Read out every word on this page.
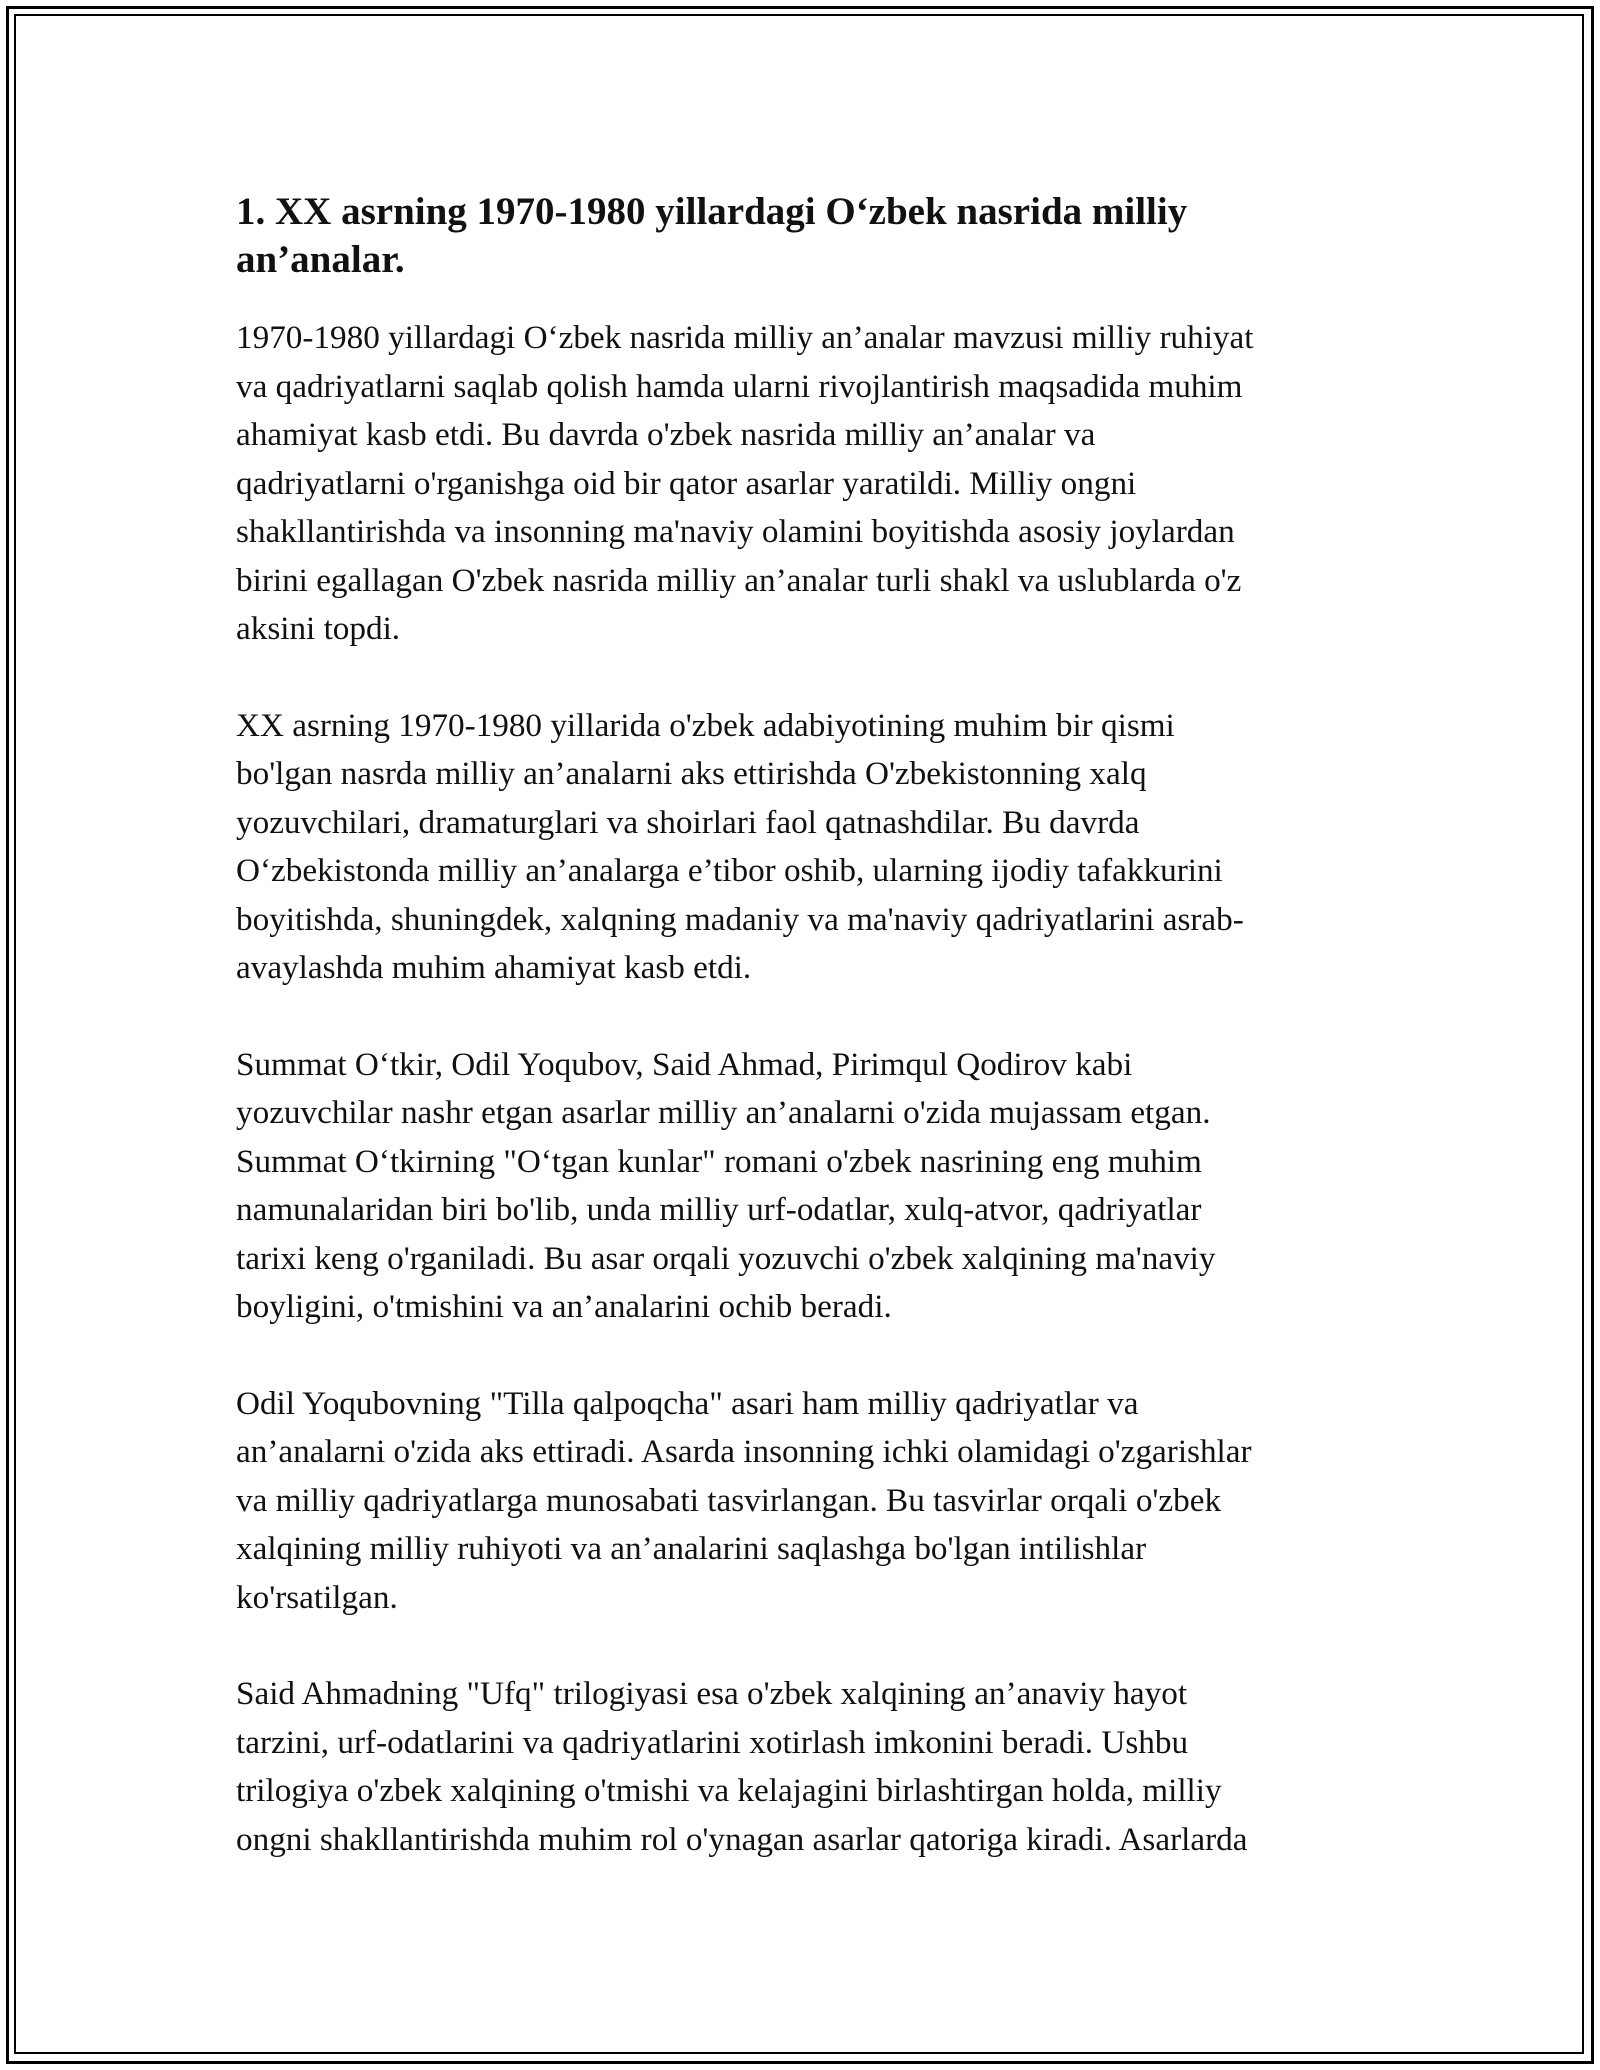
1. XX asrning 1970-1980 yillardagi O‘zbek nasrida milliy
an’analar.

1970-1980 yillardagi O‘zbek nasrida milliy an’analar mavzusi milliy ruhiyat
va qadriyatlarni saqlab qolish hamda ularni rivojlantirish maqsadida muhim
ahamiyat kasb etdi. Bu davrda o'zbek nasrida milliy an’analar va
qadriyatlarni o'rganishga oid bir qator asarlar yaratildi. Milliy ongni
shakllantirishda va insonning ma'naviy olamini boyitishda asosiy joylardan
birini egallagan O'zbek nasrida milliy an’analar turli shakl va uslublarda o'z
aksini topdi.

XX asrning 1970-1980 yillarida o'zbek adabiyotining muhim bir qismi
bo'lgan nasrda milliy an’analarni aks ettirishda O'zbekistonning xalq
yozuvchilari, dramaturglari va shoirlari faol qatnashdilar. Bu davrda
O‘zbekistonda milliy an’analarga e’tibor oshib, ularning ijodiy tafakkurini
boyitishda, shuningdek, xalqning madaniy va ma'naviy qadriyatlarini asrab-
avaylashda muhim ahamiyat kasb etdi.

Summat O‘tkir, Odil Yoqubov, Said Ahmad, Pirimqul Qodirov kabi
yozuvchilar nashr etgan asarlar milliy an’analarni o'zida mujassam etgan.
Summat O‘tkirning "O‘tgan kunlar" romani o'zbek nasrining eng muhim
namunalaridan biri bo'lib, unda milliy urf-odatlar, xulq-atvor, qadriyatlar
tarixi keng o'rganiladi. Bu asar orqali yozuvchi o'zbek xalqining ma'naviy
boyligini, o'tmishini va an’analarini ochib beradi.

Odil Yoqubovning "Tilla qalpoqcha" asari ham milliy qadriyatlar va
an’analarni o'zida aks ettiradi. Asarda insonning ichki olamidagi o'zgarishlar
va milliy qadriyatlarga munosabati tasvirlangan. Bu tasvirlar orqali o'zbek
xalqining milliy ruhiyoti va an’analarini saqlashga bo'lgan intilishlar
ko'rsatilgan.

Said Ahmadning "Ufq" trilogiyasi esa o'zbek xalqining an’anaviy hayot
tarzini, urf-odatlarini va qadriyatlarini xotirlash imkonini beradi. Ushbu
trilogiya o'zbek xalqining o'tmishi va kelajagini birlashtirgan holda, milliy
ongni shakllantirishda muhim rol o'ynagan asarlar qatoriga kiradi. Asarlarda
